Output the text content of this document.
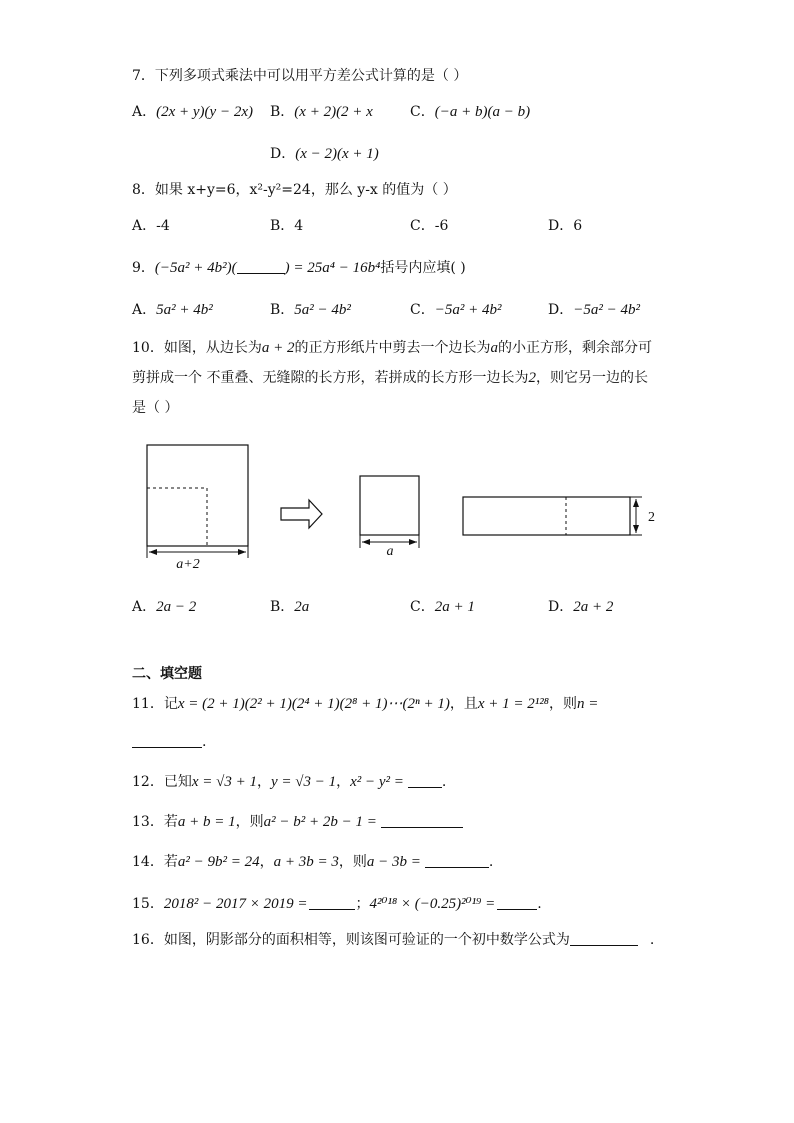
7．下列多项式乘法中可以用平方差公式计算的是（ ）
A．(2x + y)(y − 2x) B．(x + 2)(2 + x	C．(−a + b)(a − b)
D．(x − 2)(x + 1)
8．如果 x+y=6，x²-y²=24，那么 y-x 的值为（ ）
A．-4	B．4	C．-6	D．6
9．(−5a² + 4b²)(	) = 25a⁴ − 16b⁴括号内应填( )
A．5a² + 4b²	B．5a² − 4b²	C．−5a² + 4b²	D．−5a² − 4b²
10．如图，从边长为a + 2的正方形纸片中剪去一个边长为a的小正方形，剩余部分可
剪拼成一个 不重叠、无缝隙的长方形，若拼成的长方形一边长为2，则它另一边的长
是（ ）
a+2
a
2
A．2a − 2	B．2a	C．2a + 1	D．2a + 2
二、填空题
11．记x = (2 + 1)(2² + 1)(2⁴ + 1)(2⁸ + 1)⋯(2ⁿ + 1)，且x + 1 = 2¹²⁸，则n =
.
12．已知x = √3 + 1，y = √3 − 1，x² − y² =	.
13．若a + b = 1，则a² − b² + 2b − 1 =
14．若a² − 9b² = 24，a + 3b = 3，则a − 3b =	.
15．2018² − 2017 × 2019 =	；4²⁰¹⁸ × (−0.25)²⁰¹⁹ =	.
16．如图，阴影部分的面积相等，则该图可验证的一个初中数学公式为	.
